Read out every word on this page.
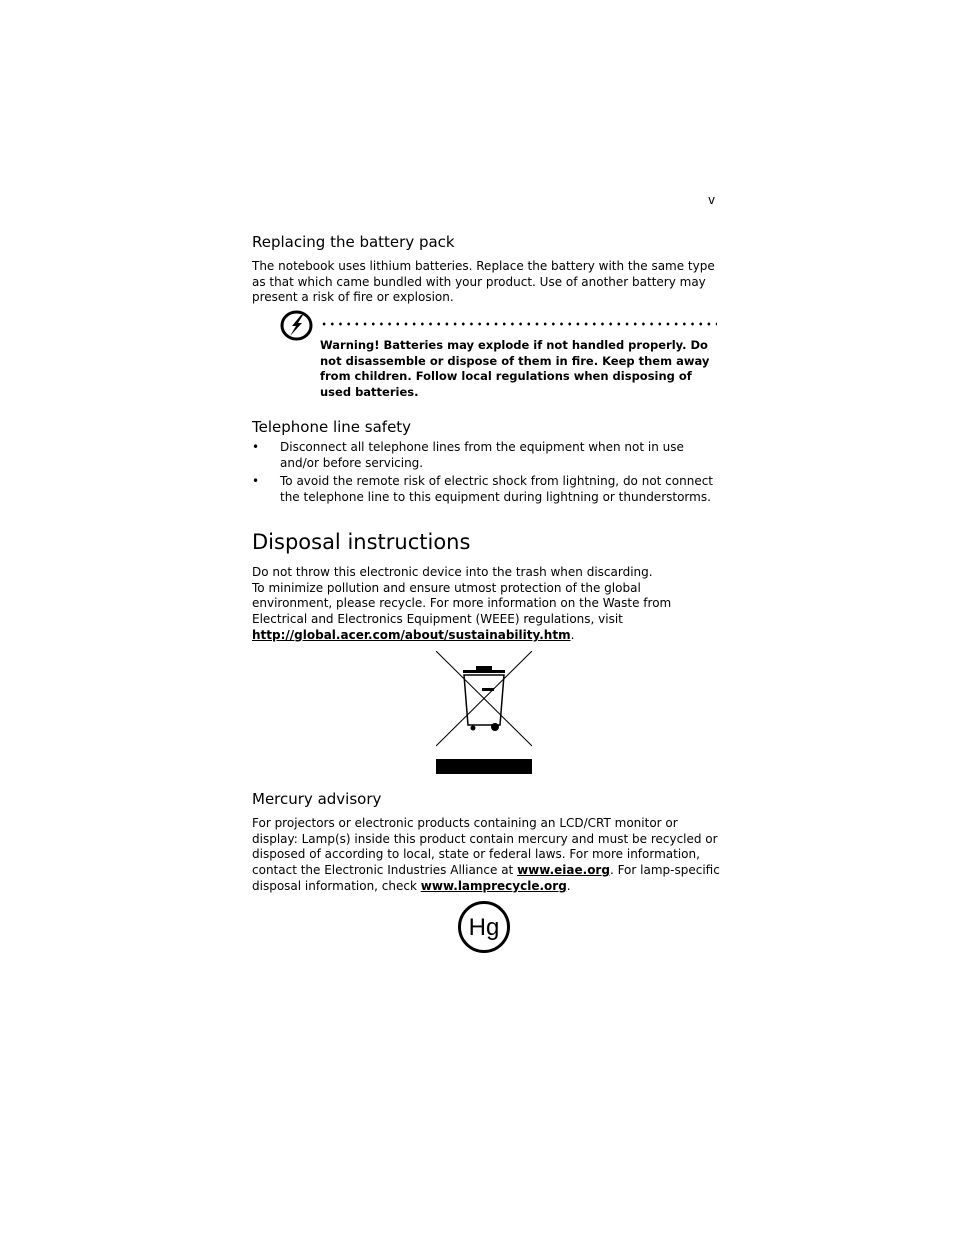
v
Replacing the battery pack

The notebook uses lithium batteries. Replace the battery with the same type as that which came bundled with your product. Use of another battery may present a risk of fire or explosion.

Warning! Batteries may explode if not handled properly. Do not disassemble or dispose of them in fire. Keep them away from children. Follow local regulations when disposing of used batteries.
Telephone line safety
• Disconnect all telephone lines from the equipment when not in use and/or before servicing.
• To avoid the remote risk of electric shock from lightning, do not connect the telephone line to this equipment during lightning or thunderstorms.
Disposal instructions

Do not throw this electronic device into the trash when discarding.
To minimize pollution and ensure utmost protection of the global environment, please recycle. For more information on the Waste from Electrical and Electronics Equipment (WEEE) regulations, visit http://global.acer.com/about/sustainability.htm.

Mercury advisory

For projectors or electronic products containing an LCD/CRT monitor or display: Lamp(s) inside this product contain mercury and must be recycled or disposed of according to local, state or federal laws. For more information, contact the Electronic Industries Alliance at www.eiae.org. For lamp-specific disposal information, check www.lamprecycle.org.

Hg
